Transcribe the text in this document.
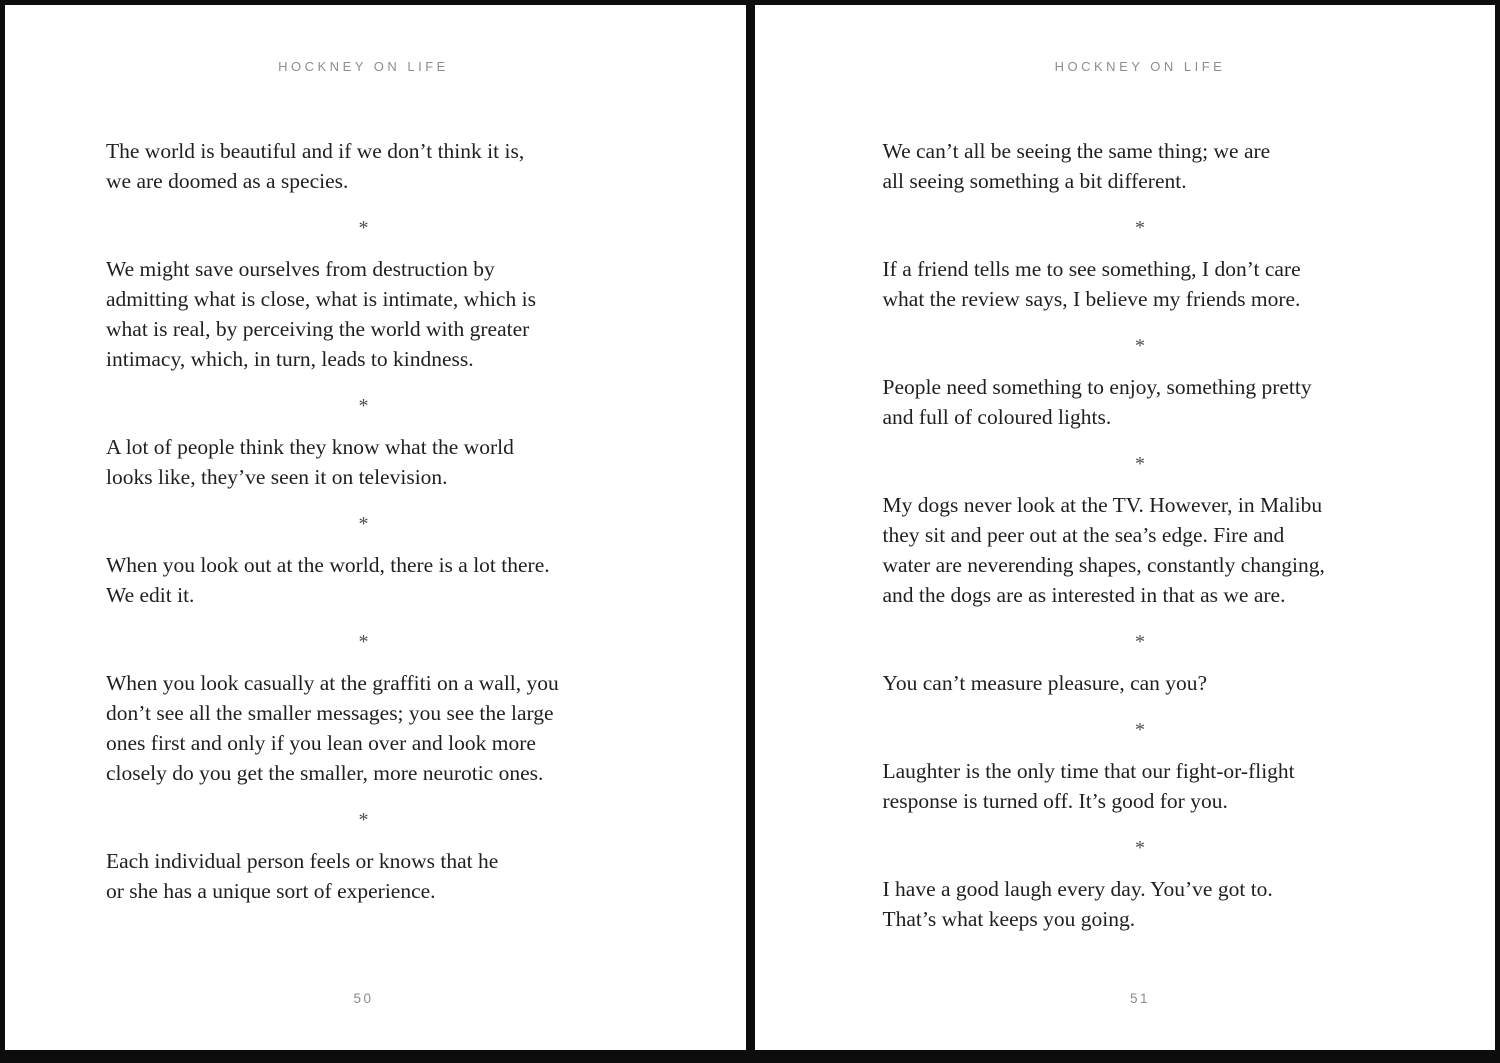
HOCKNEY ON LIFE

The world is beautiful and if we don’t think it is,
we are doomed as a species.

*

We might save ourselves from destruction by
admitting what is close, what is intimate, which is
what is real, by perceiving the world with greater
intimacy, which, in turn, leads to kindness.

*

A lot of people think they know what the world
looks like, they’ve seen it on television.

*

When you look out at the world, there is a lot there.
We edit it.

*

When you look casually at the graffiti on a wall, you
don’t see all the smaller messages; you see the large
ones first and only if you lean over and look more
closely do you get the smaller, more neurotic ones.

*

Each individual person feels or knows that he
or she has a unique sort of experience.

50
HOCKNEY ON LIFE

We can’t all be seeing the same thing; we are
all seeing something a bit different.

*

If a friend tells me to see something, I don’t care
what the review says, I believe my friends more.

*

People need something to enjoy, something pretty
and full of coloured lights.

*

My dogs never look at the TV. However, in Malibu
they sit and peer out at the sea’s edge. Fire and
water are neverending shapes, constantly changing,
and the dogs are as interested in that as we are.

*

You can’t measure pleasure, can you?

*

Laughter is the only time that our fight-or-flight
response is turned off. It’s good for you.

*

I have a good laugh every day. You’ve got to.
That’s what keeps you going.

51
